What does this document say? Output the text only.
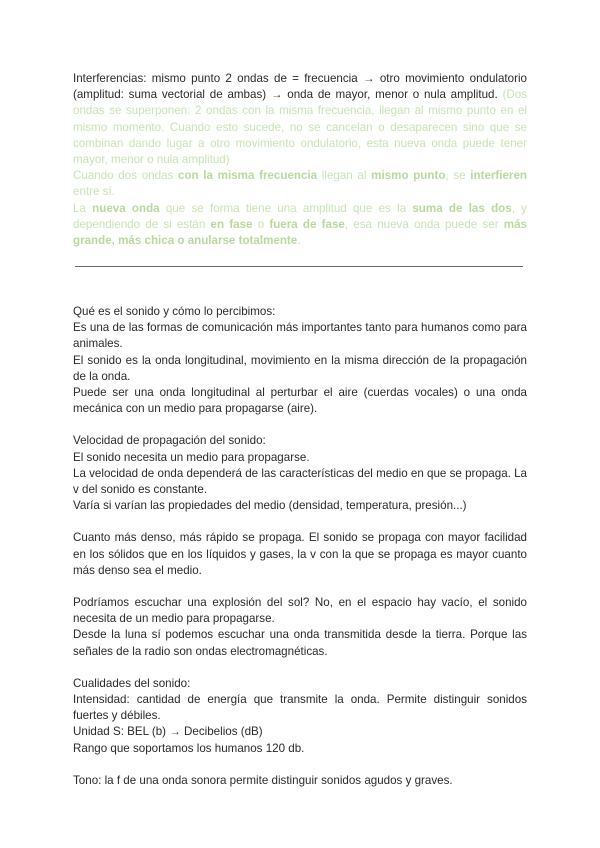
Interferencias: mismo punto 2 ondas de = frecuencia → otro movimiento ondulatorio (amplitud: suma vectorial de ambas) → onda de mayor, menor o nula amplitud. (Dos ondas se superponen: 2 ondas con la misma frecuencia, llegan al mismo punto en el mismo momento. Cuando esto sucede, no se cancelan o desaparecen sino que se combinan dando lugar a otro movimiento ondulatorio, esta nueva onda puede tener mayor, menor o nula amplitud)

Cuando dos ondas con la misma frecuencia llegan al mismo punto, se interfieren entre sí.

La nueva onda que se forma tiene una amplitud que es la suma de las dos, y dependiendo de si están en fase o fuera de fase, esa nueva onda puede ser más grande, más chica o anularse totalmente.

Qué es el sonido y cómo lo percibimos:

Es una de las formas de comunicación más importantes tanto para humanos como para animales.

El sonido es la onda longitudinal, movimiento en la misma dirección de la propagación de la onda.

Puede ser una onda longitudinal al perturbar el aire (cuerdas vocales) o una onda mecánica con un medio para propagarse (aire).

Velocidad de propagación del sonido:

El sonido necesita un medio para propagarse.

La velocidad de onda dependerá de las características del medio en que se propaga. La v del sonido es constante.

Varía si varían las propiedades del medio (densidad, temperatura, presión...)

Cuanto más denso, más rápido se propaga. El sonido se propaga con mayor facilidad en los sólidos que en los líquidos y gases, la v con la que se propaga es mayor cuanto más denso sea el medio.

Podríamos escuchar una explosión del sol? No, en el espacio hay vacío, el sonido necesita de un medio para propagarse.

Desde la luna sí podemos escuchar una onda transmitida desde la tierra. Porque las señales de la radio son ondas electromagnéticas.

Cualidades del sonido:

Intensidad: cantidad de energía que transmite la onda. Permite distinguir sonidos fuertes y débiles.

Unidad S: BEL (b) → Decibelios (dB)

Rango que soportamos los humanos 120 db.

Tono: la f de una onda sonora permite distinguir sonidos agudos y graves.
